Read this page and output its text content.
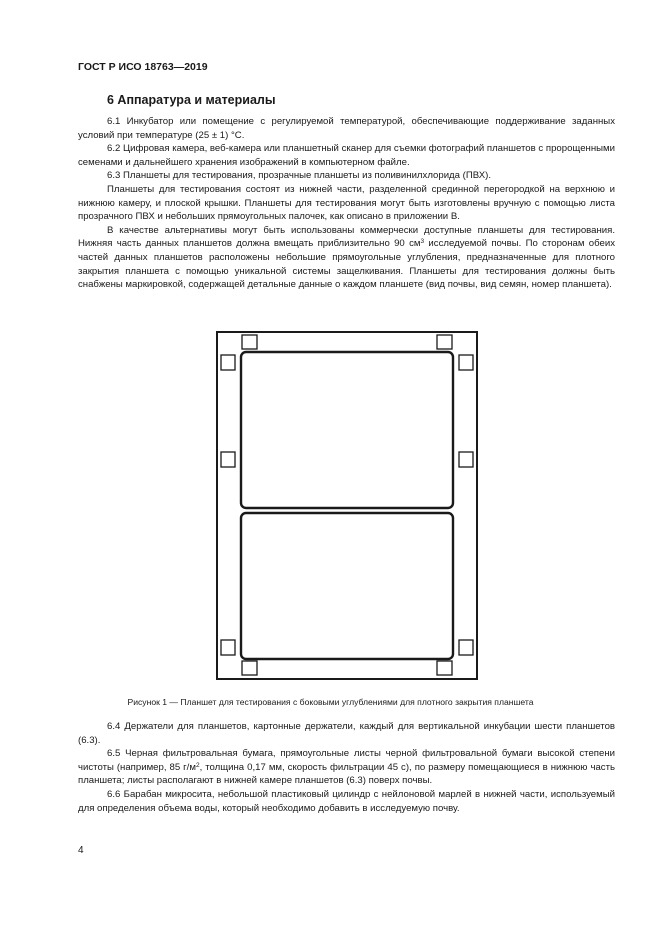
ГОСТ Р ИСО 18763—2019
6 Аппаратура и материалы

6.1 Инкубатор или помещение с регулируемой температурой, обеспечивающие поддерживание заданных условий при температуре (25 ± 1) °С.

6.2 Цифровая камера, веб-камера или планшетный сканер для съемки фотографий планшетов с пророщенными семенами и дальнейшего хранения изображений в компьютерном файле.

6.3 Планшеты для тестирования, прозрачные планшеты из поливинилхлорида (ПВХ).

Планшеты для тестирования состоят из нижней части, разделенной срединной перегородкой на верхнюю и нижнюю камеру, и плоской крышки. Планшеты для тестирования могут быть изготовлены вручную с помощью листа прозрачного ПВХ и небольших прямоугольных палочек, как описано в приложении В.

В качестве альтернативы могут быть использованы коммерчески доступные планшеты для тестирования. Нижняя часть данных планшетов должна вмещать приблизительно 90 $см^3$ исследуемой почвы. По сторонам обеих частей данных планшетов расположены небольшие прямоугольные углубления, предназначенные для плотного закрытия планшета с помощью уникальной системы защелкивания. Планшеты для тестирования должны быть снабжены маркировкой, содержащей детальные данные о каждом планшете (вид почвы, вид семян, номер планшета).

Рисунок 1 — Планшет для тестирования с боковыми углублениями для плотного закрытия планшета

6.4 Держатели для планшетов, картонные держатели, каждый для вертикальной инкубации шести планшетов (6.3).

6.5 Черная фильтровальная бумага, прямоугольные листы черной фильтровальной бумаги высокой степени чистоты (например, 85 $г/м^2$, толщина 0,17 мм, скорость фильтрации 45 с), по размеру помещающиеся в нижнюю часть планшета; листы располагают в нижней камере планшетов (6.3) поверх почвы.

6.6 Барабан микросита, небольшой пластиковый цилиндр с нейлоновой марлей в нижней части, используемый для определения объема воды, который необходимо добавить в исследуемую почву.

4
